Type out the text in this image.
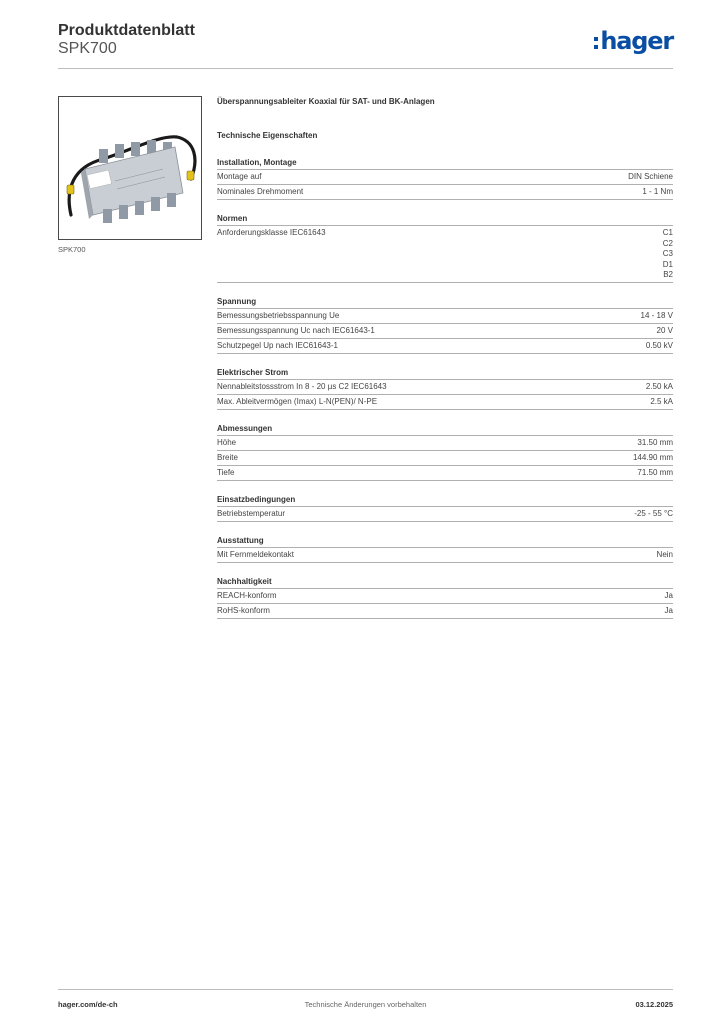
Produktdatenblatt
SPK700	hager
SPK700
Überspannungsableiter Koaxial für SAT- und BK-Anlagen
Technische Eigenschaften
Installation, Montage
Montage auf	DIN Schiene
Nominales Drehmoment	1 - 1 Nm
Normen
Anforderungsklasse IEC61643	C1
C2
C3
D1
B2
Spannung
Bemessungsbetriebsspannung Ue	14 - 18 V
Bemessungsspannung Uc nach IEC61643-1	20 V
Schutzpegel Up nach IEC61643-1	0.50 kV
Elektrischer Strom
Nennableitstossstrom In 8 - 20 µs C2 IEC61643	2.50 kA
Max. Ableitvermögen (Imax) L-N(PEN)/ N-PE	2.5 kA
Abmessungen
Höhe	31.50 mm
Breite	144.90 mm
Tiefe	71.50 mm
Einsatzbedingungen
Betriebstemperatur	-25 - 55 °C
Ausstattung
Mit Fernmeldekontakt	Nein
Nachhaltigkeit
REACH-konform	Ja
RoHS-konform	Ja
hager.com/de-ch	Technische Änderungen vorbehalten	03.12.2025
